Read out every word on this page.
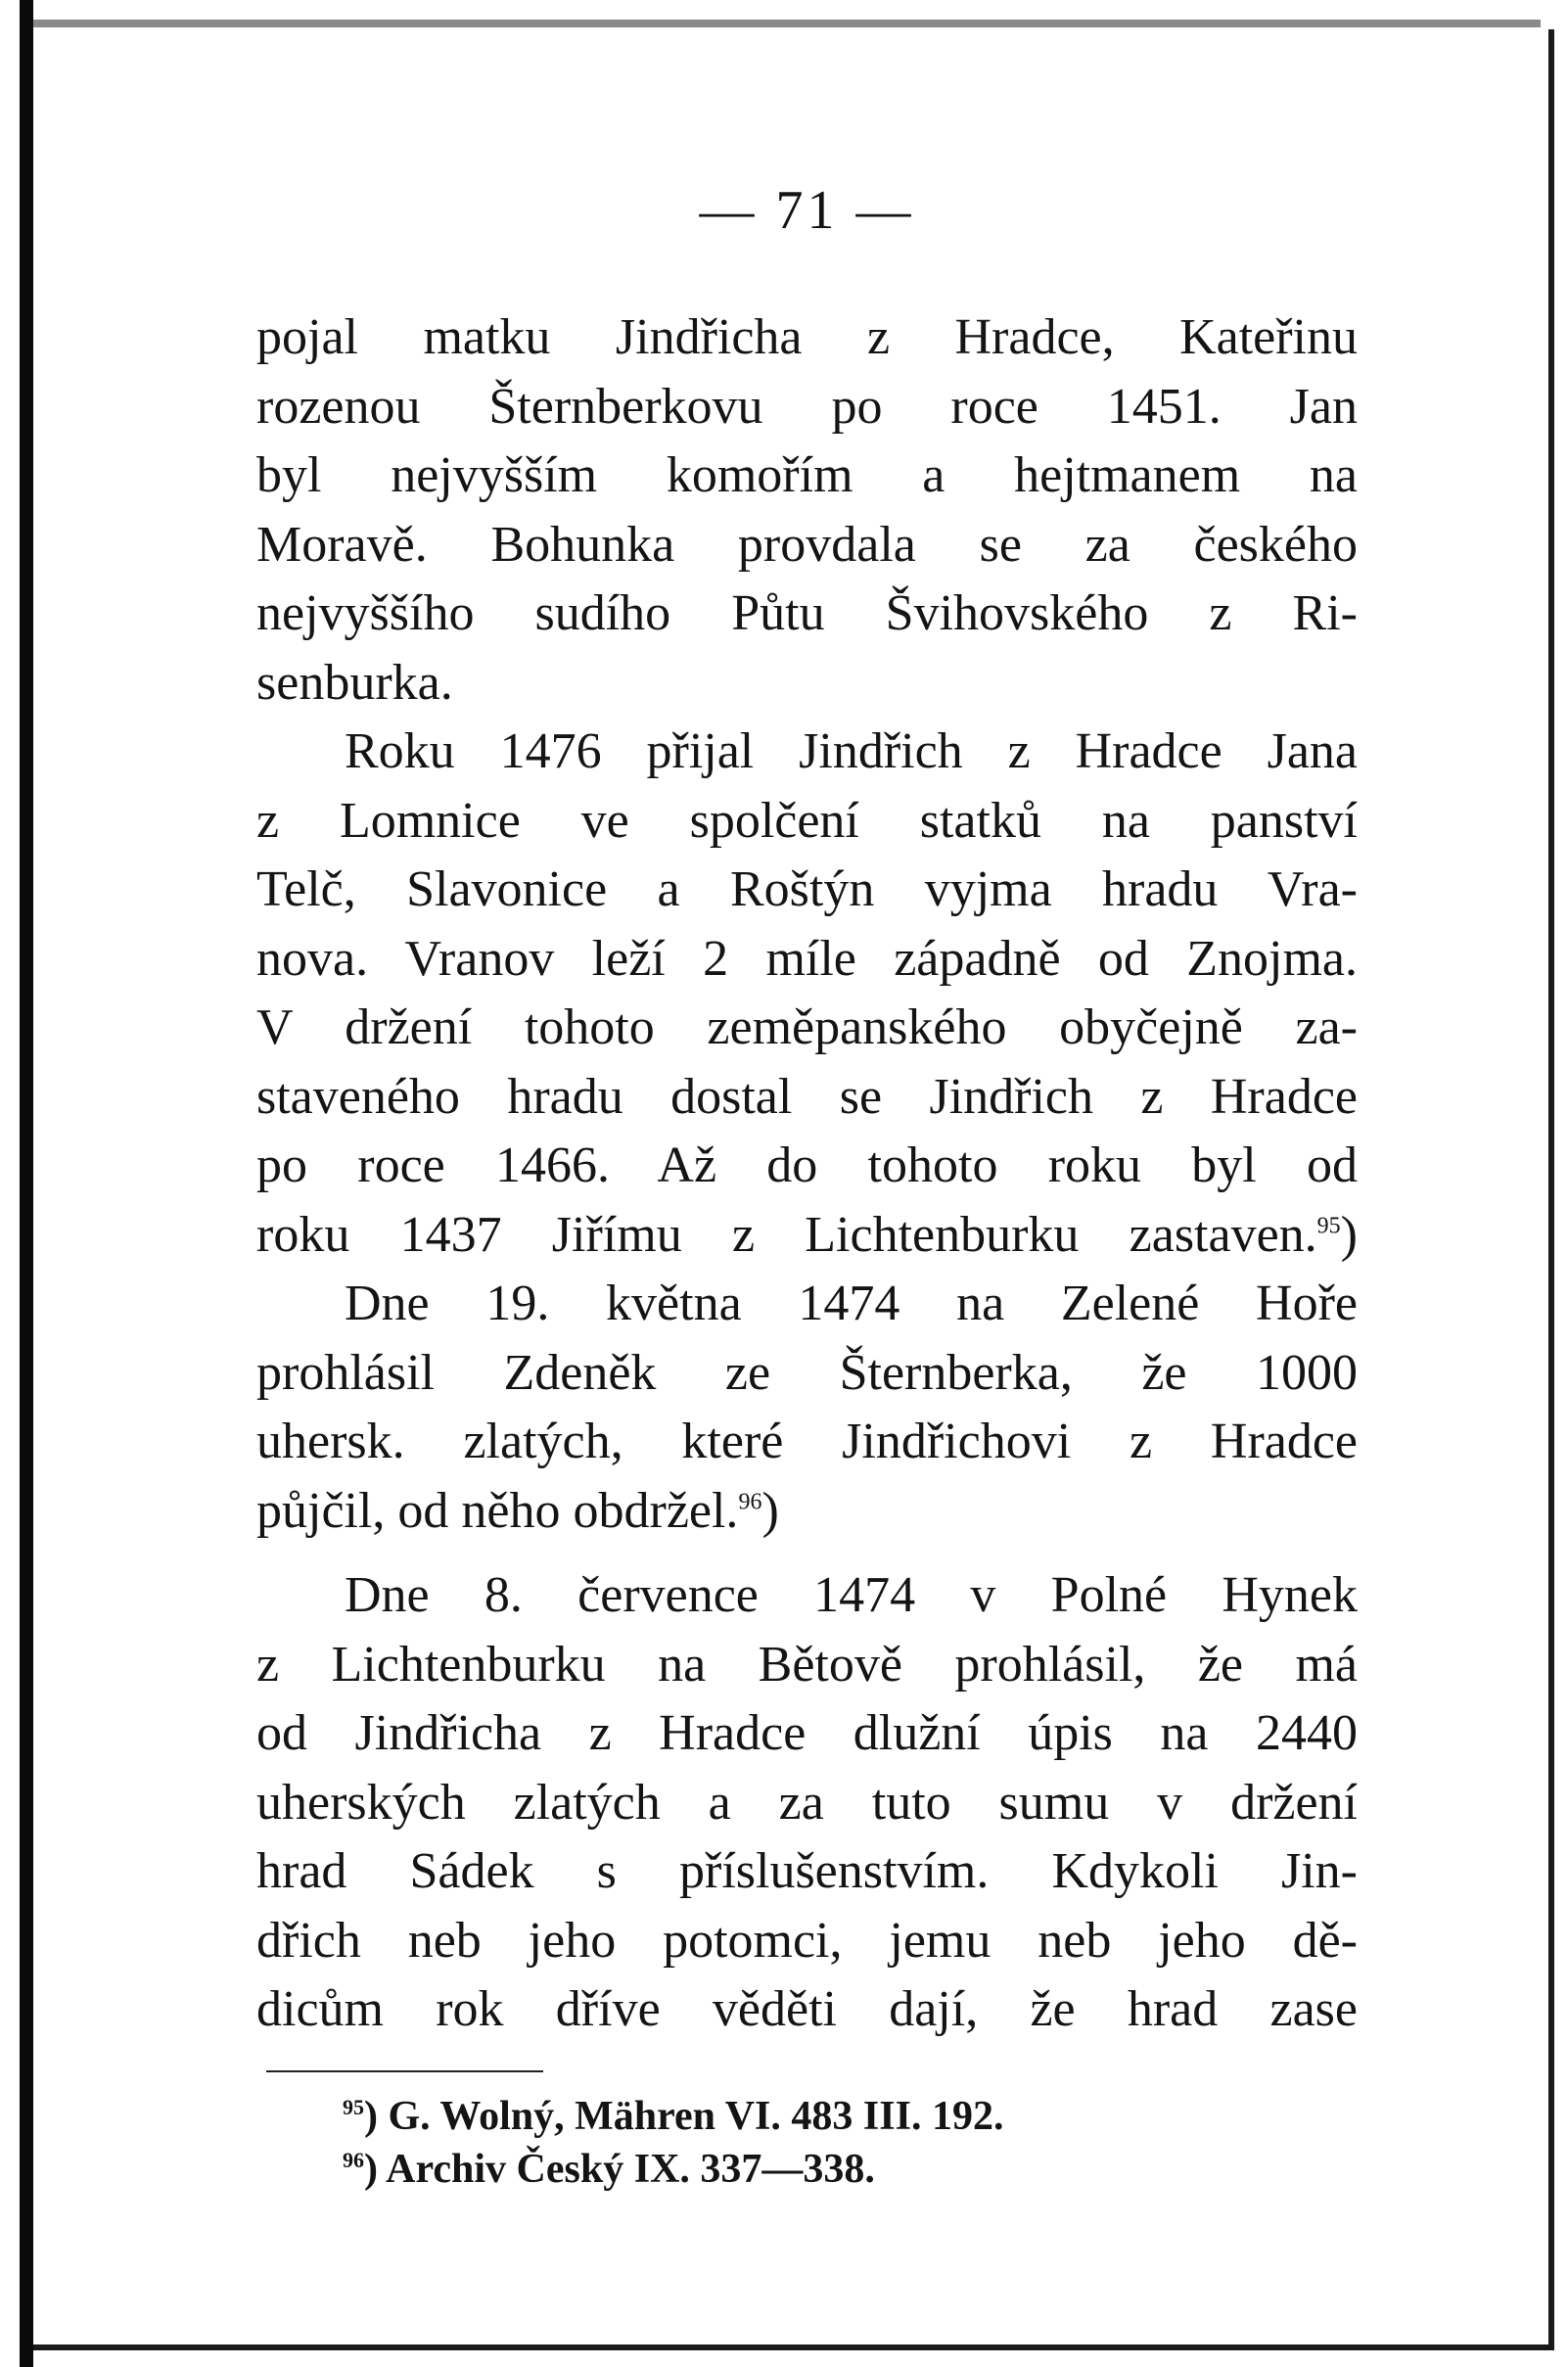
— 71 —

pojal matku Jindřicha z Hradce, Kateřinu
rozenou Šternberkovu po roce 1451. Jan
byl nejvyšším komořím a hejtmanem na
Moravě. Bohunka provdala se za českého
nejvyššího sudího Půtu Švihovského z Ri-
senburka.

Roku 1476 přijal Jindřich z Hradce Jana
z Lomnice ve spolčení statků na panství
Telč, Slavonice a Roštýn vyjma hradu Vra-
nova. Vranov leží 2 míle západně od Znojma.
V držení tohoto zeměpanského obyčejně za-
staveného hradu dostal se Jindřich z Hradce
po roce 1466. Až do tohoto roku byl od
roku 1437 Jiřímu z Lichtenburku zastaven.$^{95}$)

Dne 19. května 1474 na Zelené Hoře
prohlásil Zdeněk ze Šternberka, že 1000
uhersk. zlatých, které Jindřichovi z Hradce
půjčil, od něho obdržel.$^{96}$)

Dne 8. července 1474 v Polné Hynek
z Lichtenburku na Bětově prohlásil, že má
od Jindřicha z Hradce dlužní úpis na 2440
uherských zlatých a za tuto sumu v držení
hrad Sádek s příslušenstvím. Kdykoli Jin-
dřich neb jeho potomci, jemu neb jeho dě-
dicům rok dříve věděti dají, že hrad zase

$^{95}$) G. Wolný, Mähren VI. 483 III. 192.
$^{96}$) Archiv Český IX. 337—338.
